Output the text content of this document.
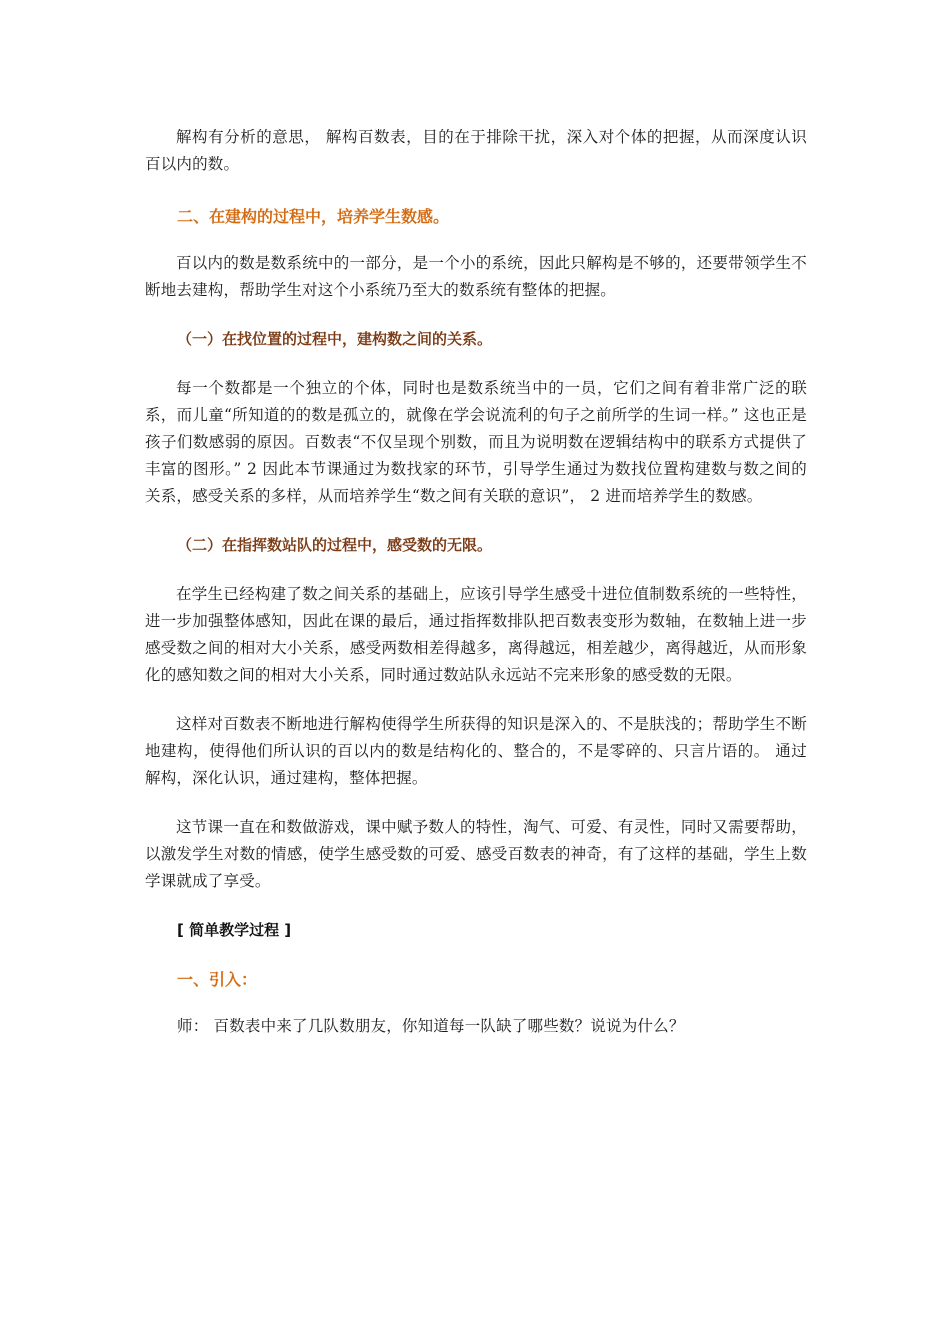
解构有分析的意思， 解构百数表，目的在于排除干扰，深入对个体的把握，从而深度认识百以内的数。

二、在建构的过程中，培养学生数感。

百以内的数是数系统中的一部分，是一个小的系统，因此只解构是不够的，还要带领学生不断地去建构，帮助学生对这个小系统乃至大的数系统有整体的把握。

（一）在找位置的过程中，建构数之间的关系。

每一个数都是一个独立的个体，同时也是数系统当中的一员，它们之间有着非常广泛的联系，而儿童“所知道的的数是孤立的，就像在学会说流利的句子之前所学的生词一样。” 这也正是孩子们数感弱的原因。百数表“不仅呈现个别数，而且为说明数在逻辑结构中的联系方式提供了丰富的图形。” 2 因此本节课通过为数找家的环节，引导学生通过为数找位置构建数与数之间的关系，感受关系的多样，从而培养学生“数之间有关联的意识”， 2 进而培养学生的数感。

（二）在指挥数站队的过程中，感受数的无限。

在学生已经构建了数之间关系的基础上，应该引导学生感受十进位值制数系统的一些特性，进一步加强整体感知，因此在课的最后，通过指挥数排队把百数表变形为数轴，在数轴上进一步感受数之间的相对大小关系，感受两数相差得越多，离得越远，相差越少，离得越近，从而形象化的感知数之间的相对大小关系，同时通过数站队永远站不完来形象的感受数的无限。

这样对百数表不断地进行解构使得学生所获得的知识是深入的、不是肤浅的；帮助学生不断地建构，使得他们所认识的百以内的数是结构化的、整合的，不是零碎的、只言片语的。 通过解构，深化认识，通过建构，整体把握。

这节课一直在和数做游戏，课中赋予数人的特性，淘气、可爱、有灵性，同时又需要帮助，以激发学生对数的情感，使学生感受数的可爱、感受百数表的神奇，有了这样的基础，学生上数学课就成了享受。

[ 简单教学过程 ]

一、引入：

师： 百数表中来了几队数朋友，你知道每一队缺了哪些数？说说为什么？
